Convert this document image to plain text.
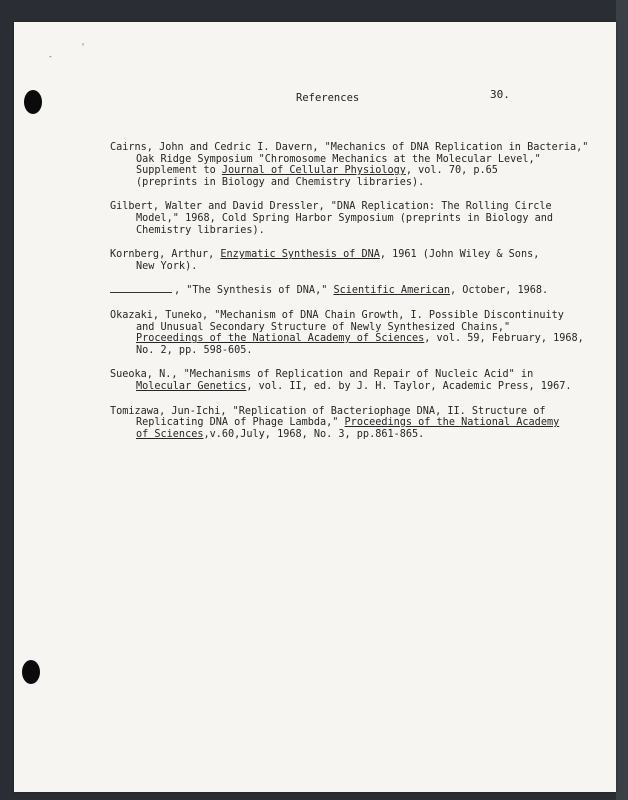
-
'
References	30.
Cairns, John and Cedric I. Davern, "Mechanics of DNA Replication in Bacteria,"
Oak Ridge Symposium "Chromosome Mechanics at the Molecular Level,"
Supplement to Journal of Cellular Physiology, vol. 70, p.65
(preprints in Biology and Chemistry libraries).
Gilbert, Walter and David Dressler, "DNA Replication: The Rolling Circle
Model," 1968, Cold Spring Harbor Symposium (preprints in Biology and
Chemistry libraries).
Kornberg, Arthur, Enzymatic Synthesis of DNA, 1961 (John Wiley & Sons,
New York).
, "The Synthesis of DNA," Scientific American, October, 1968.
Okazaki, Tuneko, "Mechanism of DNA Chain Growth, I. Possible Discontinuity
and Unusual Secondary Structure of Newly Synthesized Chains,"
Proceedings of the National Academy of Sciences, vol. 59, February, 1968,
No. 2, pp. 598-605.
Sueoka, N., "Mechanisms of Replication and Repair of Nucleic Acid" in
Molecular Genetics, vol. II, ed. by J. H. Taylor, Academic Press, 1967.
Tomizawa, Jun-Ichi, "Replication of Bacteriophage DNA, II. Structure of
Replicating DNA of Phage Lambda," Proceedings of the National Academy
of Sciences,v.60,July, 1968, No. 3, pp.861-865.
